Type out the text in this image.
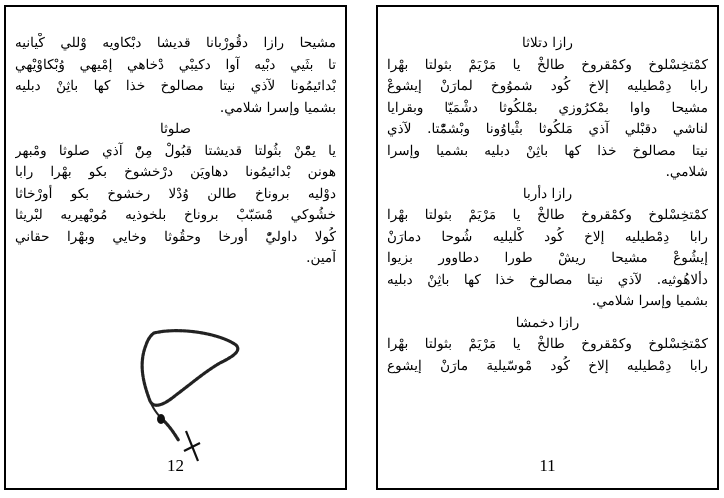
مشيحا رازا دقُورْبانا قديشا دبْكاويه وْللي كْيانيه
تا بثَيي دبْيه آوا دكيبْي دْخاهي إمْيهي وُبْكاوْيْهي
بْدائيمُونا لآذي نيتا مصالوخ خذا كها باثِنْ دبليه
بشميا وإسرا شلامي.
صلوثا
يا يمّْنْ بثُولتا قديشتا قبُولْ مِنّْ آذي صلوثا ومْبهر
هونن بْدائيمُونا دهاويَن درْخشوخ بكو بهْرا رابا
دوْليه بروناخ طالن وُدْلا رخشوخ بكو أورْخاثا
خشُوكي مْسَبّبْ بروناخ بلخوذيه مُوبْهيريه لبْريثا
كُولا داوليّْ أورخا وحقُوثا وخايي وبهْرا حقاني
آمين.
12
رازا دتلاثا
كمْتخِسْلوخ وكمْقروخ طالخْ يا مَرْيَمْ بثولتا بهْرا
رابا دِمْطيليه إلاخ كُود شموُوخ لمارَنْ إيشوعْ
مشيحا واوا بمْكرُوزي بمْلكُوثا دشْمَيّا وبقرايا
لناشي دقبْلي آذي مَلكُوثا بثْياوُونا وبْشمّْتا. لآذي
نيتا مصالوخ خذا كها باثِنْ دبليه بشميا وإسرا
شلامي.
رازا دأربا
كمْتخِسْلوخ وكمْقروخ طالخْ يا مَرْيَمْ بثولتا بهْرا
رابا دِمْطيليه إلاخ كُود كْليليه شُوحا دمارَنْ
إيشُوعْ مشيحا ريشْ طورا دطاوور بزيوا
دألاهُوثيه. لآذي نيتا مصالوخ خذا كها باثِنْ دبليه
بشميا وإسرا شلامي.
رازا دخمشا
كمْتخِسْلوخ وكمْقروخ طالخْ يا مَرْيَمْ بثولتا بهْرا
رابا دِمْطيليه إلاخ كُود مْوسّيلية مارَنْ إيشوع
11
